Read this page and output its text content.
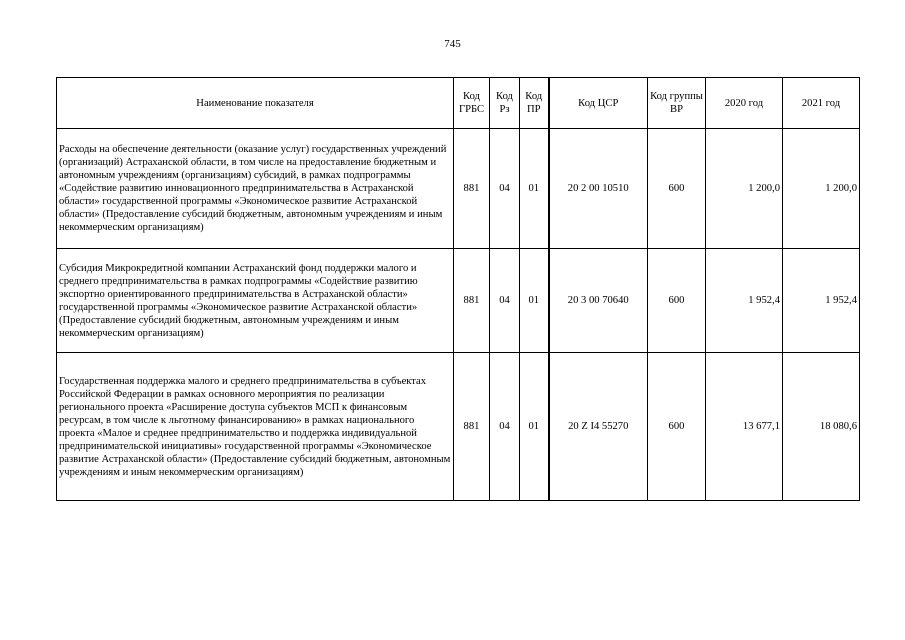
745
Наименование показателя	Код ГРБС	Код Рз	Код ПР	Код ЦСР	Код группы ВР	2020 год	2021 год
Расходы на обеспечение деятельности (оказание услуг) государственных учреждений (организаций) Астраханской области, в том числе на предоставление бюджетным и автономным учреждениям (организациям) субсидий, в рамках подпрограммы «Содействие развитию инновационного предпринимательства в Астраханской области» государственной программы «Экономическое развитие Астраханской области» (Предоставление субсидий бюджетным, автономным учреждениям и иным некоммерческим организациям)	881	04	01	20 2 00 10510	600	1 200,0	1 200,0
Субсидия Микрокредитной компании Астраханский фонд поддержки малого и среднего предпринимательства в рамках подпрограммы «Содействие развитию экспортно ориентированного предпринимательства в Астраханской области» государственной программы «Экономическое развитие Астраханской области» (Предоставление субсидий бюджетным, автономным учреждениям и иным некоммерческим организациям)	881	04	01	20 3 00 70640	600	1 952,4	1 952,4
Государственная поддержка малого и среднего предпринимательства в субъектах Российской Федерации в рамках основного мероприятия по реализации регионального проекта «Расширение доступа субъектов МСП к финансовым ресурсам, в том числе к льготному финансированию» в рамках национального проекта «Малое и среднее предпринимательство и поддержка индивидуальной предпринимательской инициативы» государственной программы «Экономическое развитие Астраханской области» (Предоставление субсидий бюджетным, автономным учреждениям и иным некоммерческим организациям)	881	04	01	20 Z I4 55270	600	13 677,1	18 080,6
